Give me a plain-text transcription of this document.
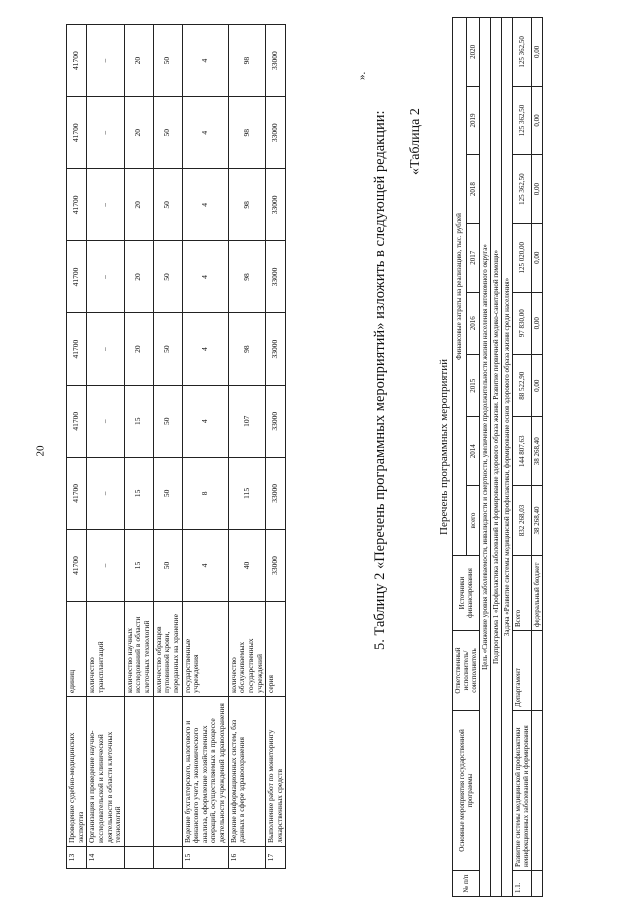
20
13	Проведение судебно-медицинских экспертиз	единиц	41700	41700	41700	41700	41700	41700	41700	41700
14	Организация и проведение научно-исследовательской и клинической деятельности в области клеточных технологий	количество трансплантаций	–	–	–	–	–	–	–	–
		количество научных исследований в области клеточных технологий	15	15	15	20	20	20	20	20
		количество образцов пуповинной крови, переданных на хранение	50	50	50	50	50	50	50	50
15	Ведение бухгалтерского, налогового и финансового учета, экономического анализа, оформление хозяйственных операций, осуществляемых в процессе деятельности учреждений здравоохранения	государственные учреждения	4	8	4	4	4	4	4	4
16	Ведение информационных систем, баз данных в сфере здравоохранения	количество обслуживаемых государственных учреждений	40	115	107	98	98	98	98	98
17	Выполнение работ по мониторингу лекарственных средств	серия	33000	33000	33000	33000	33000	33000	33000	33000
».
5. Таблицу 2 «Перечень программных мероприятий» изложить в следующей редакции: «Таблица 2
Перечень программных мероприятий
№ п/п	Основные мероприятия государственной программы	Ответственный исполнитель/ соисполнитель	Источники финансирования	Финансовые затраты на реализацию, тыс. рублей							
				всего	2014	2015	2016	2017	2018	2019	2020
Цель «Снижение уровня заболеваемости, инвалидности и смертности, увеличение продолжительности жизни населения автономного округа»											
Подпрограмма 1 «Профилактика заболеваний и формирование здорового образа жизни. Развитие первичной медико-санитарной помощи»											
Задача «Развитие системы медицинской профилактики, формирование основ здорового образа жизни среди населения»											
1.1.	Развитие системы медицинской профилактики неинфекционных заболеваний и формирования	Департамент	Всего	832 268,03	144 807,63	88 522,90	97 830,00	125 020,00	125 362,50	125 362,50	125 362,50
			федеральный бюджет	38 268,40	38 268,40	0,00	0,00	0,00	0,00	0,00	0,00
